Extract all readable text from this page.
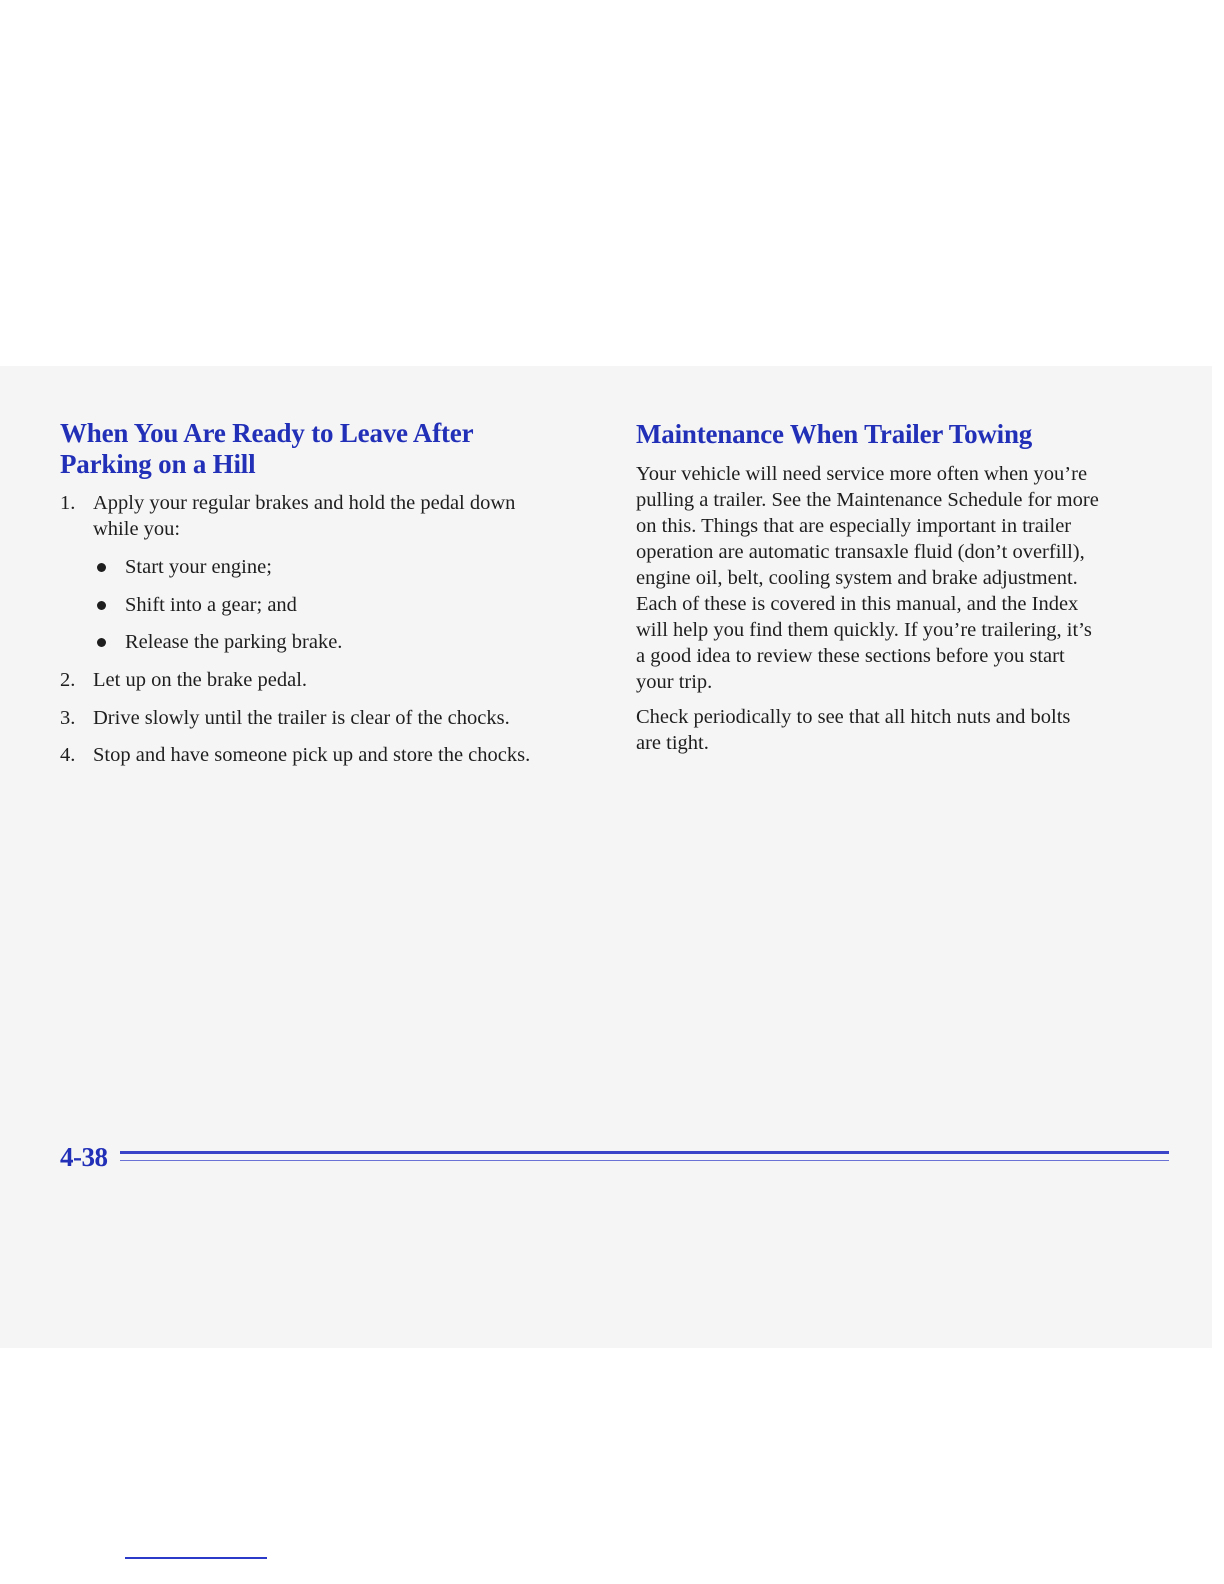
When You Are Ready to Leave After
Parking on a Hill
1. Apply your regular brakes and hold the pedal down
while you:
Start your engine;
Shift into a gear; and
Release the parking brake.
2. Let up on the brake pedal.
3. Drive slowly until the trailer is clear of the chocks.
4. Stop and have someone pick up and store the chocks.
Maintenance When Trailer Towing
Your vehicle will need service more often when you’re
pulling a trailer. See the Maintenance Schedule for more
on this. Things that are especially important in trailer
operation are automatic transaxle fluid (don’t overfill),
engine oil, belt, cooling system and brake adjustment.
Each of these is covered in this manual, and the Index
will help you find them quickly. If you’re trailering, it’s
a good idea to review these sections before you start
your trip.
Check periodically to see that all hitch nuts and bolts
are tight.
4-38
